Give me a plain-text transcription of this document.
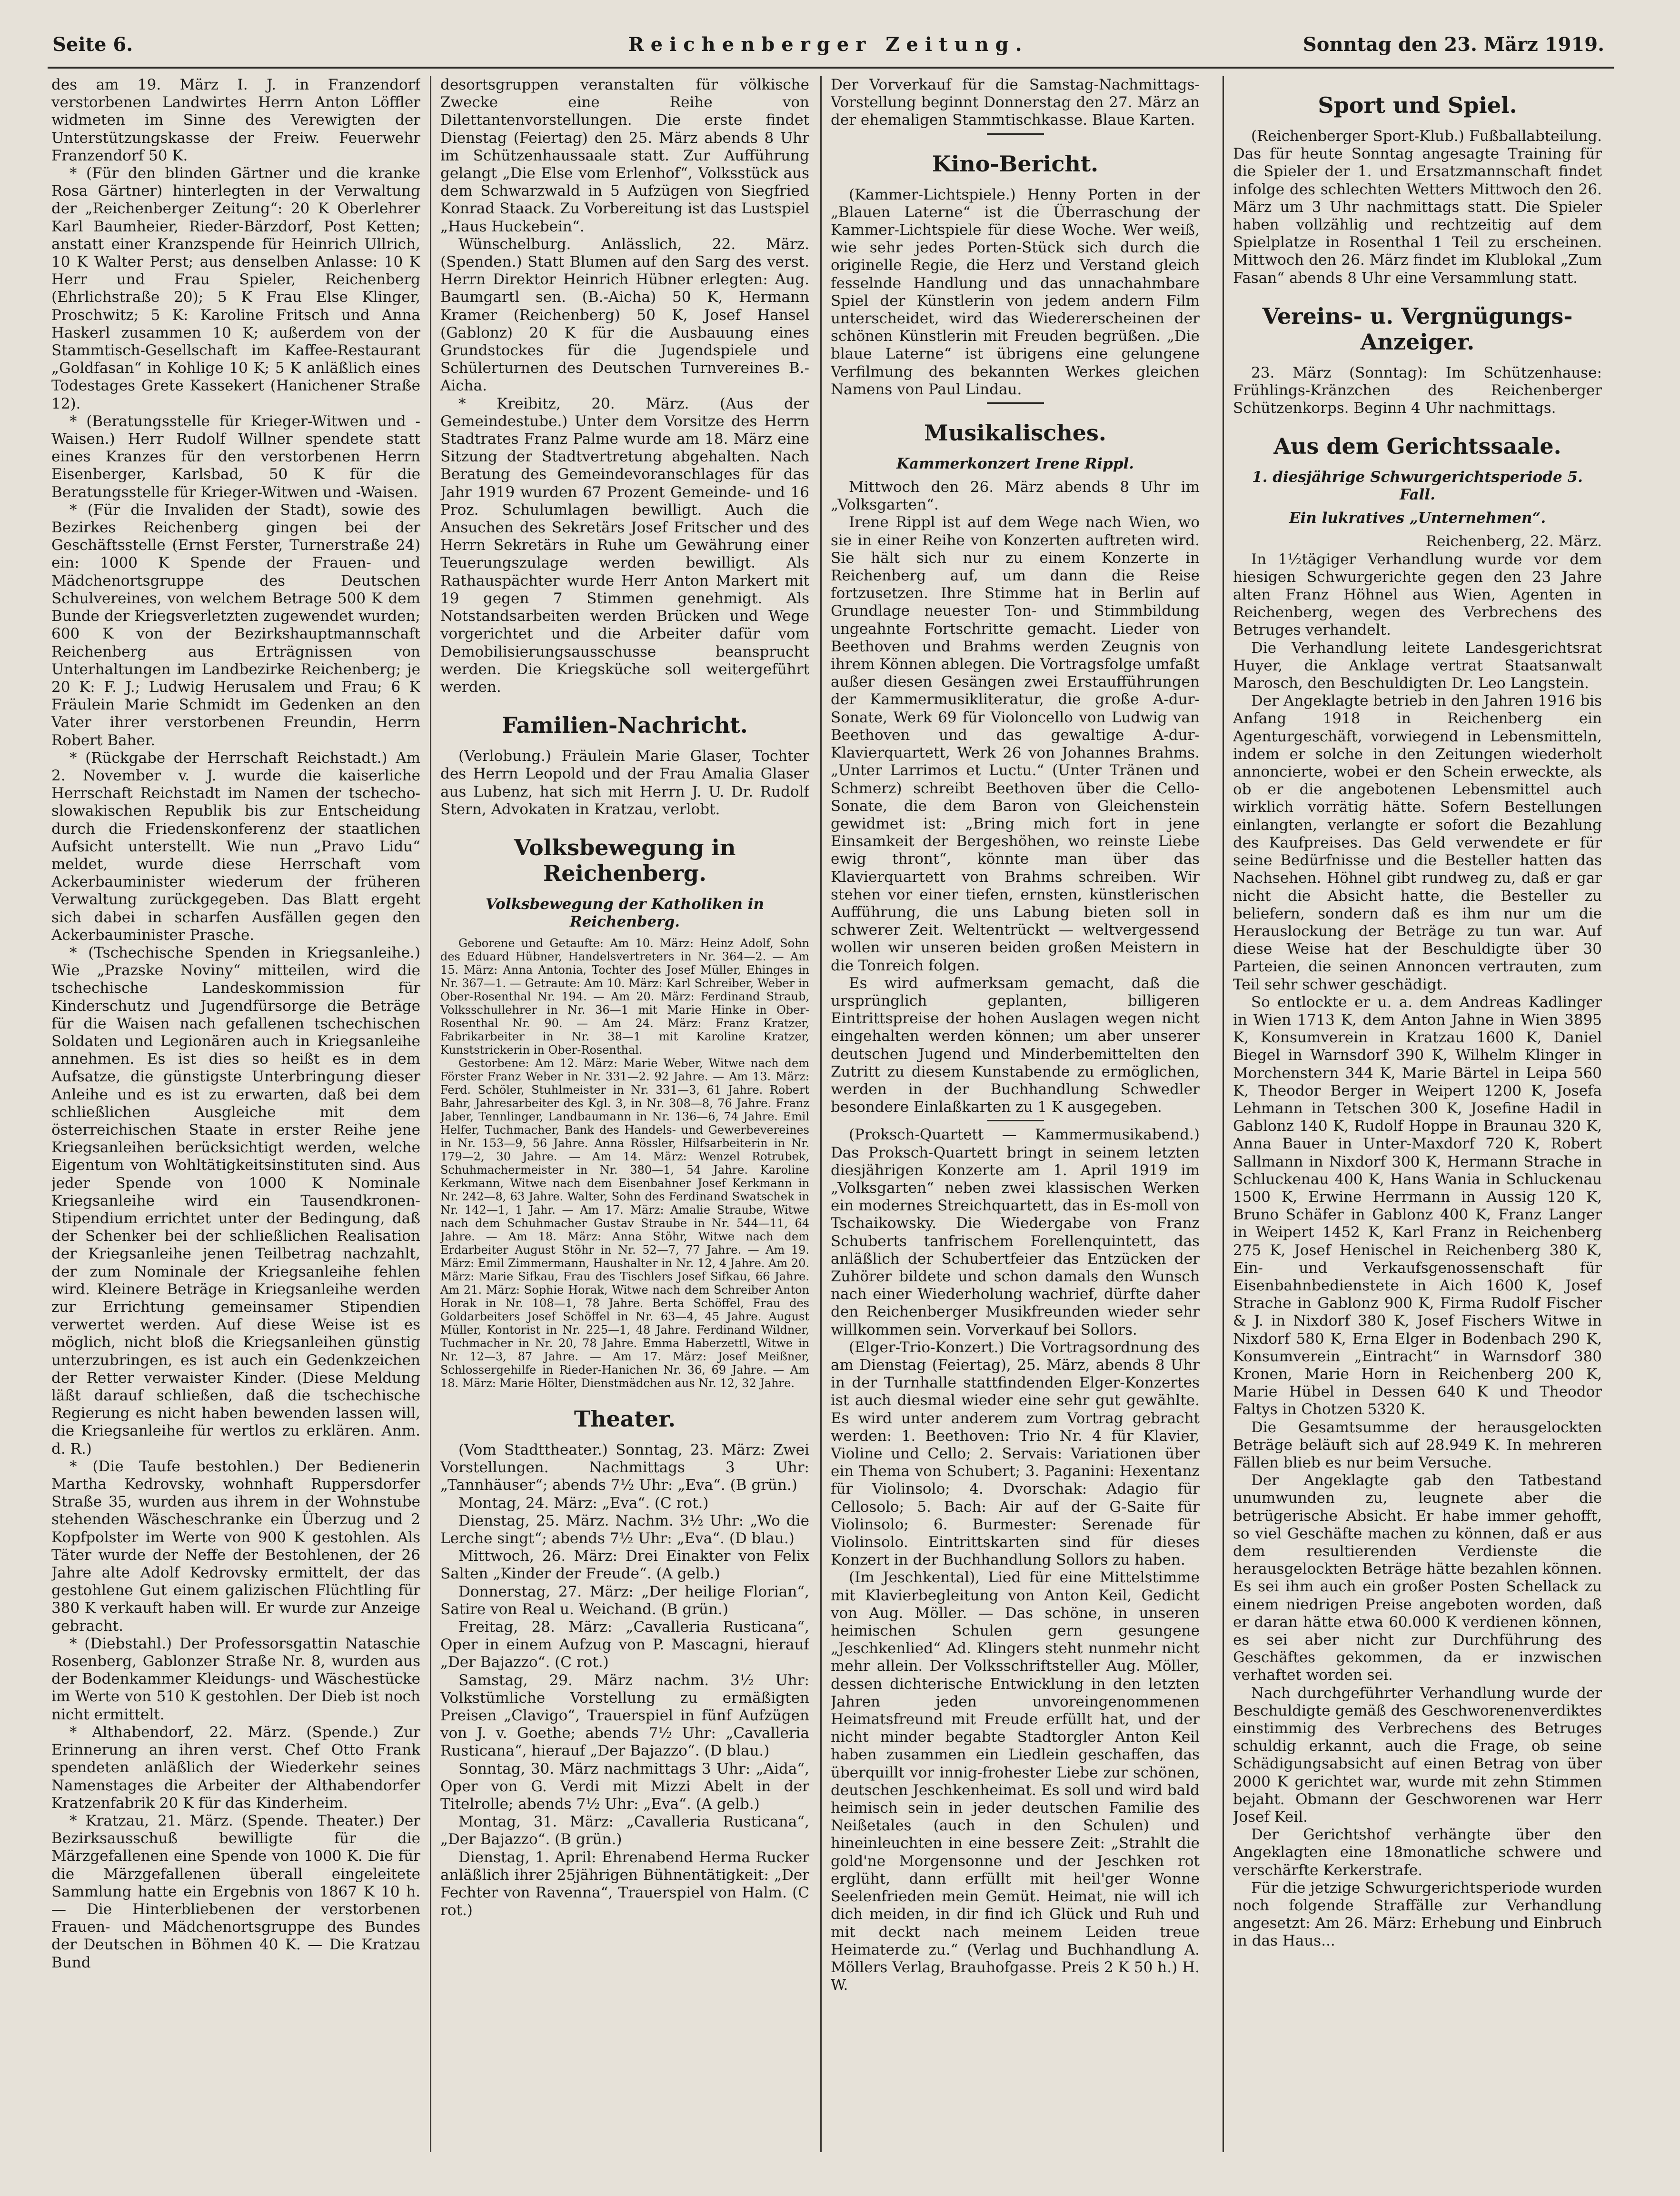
Seite 6.	Reichenberger Zeitung.	Sonntag den 23. März 1919.

des am 19. März I. J. in Franzendorf verstorbenen Landwirtes Herrn Anton Löffler widmeten im Sinne des Verewigten der Unterstützungskasse der Freiw. Feuerwehr Franzendorf 50 K.

* (Für den blinden Gärtner und die kranke Rosa Gärtner) hinterlegten in der Verwaltung der „Reichenberger Zeitung“: 20 K Oberlehrer Karl Baumheier, Rieder-Bärzdorf, Post Ketten; anstatt einer Kranzspende für Heinrich Ullrich, 10 K Walter Perst; aus denselben Anlasse: 10 K Herr und Frau Spieler, Reichenberg (Ehrlichstraße 20); 5 K Frau Else Klinger, Proschwitz; 5 K: Karoline Fritsch und Anna Haskerl zusammen 10 K; außerdem von der Stammtisch-Gesellschaft im Kaffee-Restaurant „Goldfasan“ in Kohlige 10 K; 5 K anläßlich eines Todestages Grete Kassekert (Hanichener Straße 12).

* (Beratungsstelle für Krieger-Witwen und -Waisen.) Herr Rudolf Willner spendete statt eines Kranzes für den verstorbenen Herrn Eisenberger, Karlsbad, 50 K für die Beratungsstelle für Krieger-Witwen und -Waisen.

* (Für die Invaliden der Stadt), sowie des Bezirkes Reichenberg gingen bei der Geschäftsstelle (Ernst Ferster, Turnerstraße 24) ein: 1000 K Spende der Frauen- und Mädchenortsgruppe des Deutschen Schulvereines, von welchem Betrage 500 K dem Bunde der Kriegsverletzten zugewendet wurden; 600 K von der Bezirkshauptmannschaft Reichenberg aus Erträgnissen von Unterhaltungen im Landbezirke Reichenberg; je 20 K: F. J.; Ludwig Herusalem und Frau; 6 K Fräulein Marie Schmidt im Gedenken an den Vater ihrer verstorbenen Freundin, Herrn Robert Baher.

* (Rückgabe der Herrschaft Reichstadt.) Am 2. November v. J. wurde die kaiserliche Herrschaft Reichstadt im Namen der tschecho-slowakischen Republik bis zur Entscheidung durch die Friedenskonferenz der staatlichen Aufsicht unterstellt. Wie nun „Pravo Lidu“ meldet, wurde diese Herrschaft vom Ackerbauminister wiederum der früheren Verwaltung zurückgegeben. Das Blatt ergeht sich dabei in scharfen Ausfällen gegen den Ackerbauminister Prasche.

* (Tschechische Spenden in Kriegsanleihe.) Wie „Prazske Noviny“ mitteilen, wird die tschechische Landeskommission für Kinderschutz und Jugendfürsorge die Beträge für die Waisen nach gefallenen tschechischen Soldaten und Legionären auch in Kriegsanleihe annehmen. Es ist dies so heißt es in dem Aufsatze, die günstigste Unterbringung dieser Anleihe und es ist zu erwarten, daß bei dem schließlichen Ausgleiche mit dem österreichischen Staate in erster Reihe jene Kriegsanleihen berücksichtigt werden, welche Eigentum von Wohltätigkeitsinstituten sind. Aus jeder Spende von 1000 K Nominale Kriegsanleihe wird ein Tausendkronen-Stipendium errichtet unter der Bedingung, daß der Schenker bei der schließlichen Realisation der Kriegsanleihe jenen Teilbetrag nachzahlt, der zum Nominale der Kriegsanleihe fehlen wird. Kleinere Beträge in Kriegsanleihe werden zur Errichtung gemeinsamer Stipendien verwertet werden. Auf diese Weise ist es möglich, nicht bloß die Kriegsanleihen günstig unterzubringen, es ist auch ein Gedenkzeichen der Retter verwaister Kinder. (Diese Meldung läßt darauf schließen, daß die tschechische Regierung es nicht haben bewenden lassen will, die Kriegsanleihe für wertlos zu erklären. Anm. d. R.)

* (Die Taufe bestohlen.) Der Bedienerin Martha Kedrovsky, wohnhaft Ruppersdorfer Straße 35, wurden aus ihrem in der Wohnstube stehenden Wäscheschranke ein Überzug und 2 Kopfpolster im Werte von 900 K gestohlen. Als Täter wurde der Neffe der Bestohlenen, der 26 Jahre alte Adolf Kedrovsky ermittelt, der das gestohlene Gut einem galizischen Flüchtling für 380 K verkauft haben will. Er wurde zur Anzeige gebracht.

* (Diebstahl.) Der Professorsgattin Nataschie Rosenberg, Gablonzer Straße Nr. 8, wurden aus der Bodenkammer Kleidungs- und Wäschestücke im Werte von 510 K gestohlen. Der Dieb ist noch nicht ermittelt.

* Althabendorf, 22. März. (Spende.) Zur Erinnerung an ihren verst. Chef Otto Frank spendeten anläßlich der Wiederkehr seines Namenstages die Arbeiter der Althabendorfer Kratzenfabrik 20 K für das Kinderheim.

* Kratzau, 21. März. (Spende. Theater.) Der Bezirksausschuß bewilligte für die Märzgefallenen eine Spende von 1000 K. Die für die Märzgefallenen überall eingeleitete Sammlung hatte ein Ergebnis von 1867 K 10 h. — Die Hinterbliebenen der verstorbenen Frauen- und Mädchenortsgruppe des Bundes der Deutschen in Böhmen 40 K. — Die Kratzau Bund

desortsgruppen veranstalten für völkische Zwecke eine Reihe von Dilettantenvorstellungen. Die erste findet Dienstag (Feiertag) den 25. März abends 8 Uhr im Schützenhaussaale statt. Zur Aufführung gelangt „Die Else vom Erlenhof“, Volksstück aus dem Schwarzwald in 5 Aufzügen von Siegfried Konrad Staack. Zu Vorbereitung ist das Lustspiel „Haus Huckebein“.

Wünschelburg. Anlässlich, 22. März. (Spenden.) Statt Blumen auf den Sarg des verst. Herrn Direktor Heinrich Hübner erlegten: Aug. Baumgartl sen. (B.-Aicha) 50 K, Hermann Kramer (Reichenberg) 50 K, Josef Hansel (Gablonz) 20 K für die Ausbauung eines Grundstockes für die Jugendspiele und Schülerturnen des Deutschen Turnvereines B.-Aicha.

* Kreibitz, 20. März. (Aus der Gemeindestube.) Unter dem Vorsitze des Herrn Stadtrates Franz Palme wurde am 18. März eine Sitzung der Stadtvertretung abgehalten. Nach Beratung des Gemeindevoranschlages für das Jahr 1919 wurden 67 Prozent Gemeinde- und 16 Proz. Schulumlagen bewilligt. Auch die Ansuchen des Sekretärs Josef Fritscher und des Herrn Sekretärs in Ruhe um Gewährung einer Teuerungszulage werden bewilligt. Als Rathauspächter wurde Herr Anton Markert mit 19 gegen 7 Stimmen genehmigt. Als Notstandsarbeiten werden Brücken und Wege vorgerichtet und die Arbeiter dafür vom Demobilisierungsausschusse beansprucht werden. Die Kriegsküche soll weitergeführt werden.

Familien-Nachricht.

(Verlobung.) Fräulein Marie Glaser, Tochter des Herrn Leopold und der Frau Amalia Glaser aus Lubenz, hat sich mit Herrn J. U. Dr. Rudolf Stern, Advokaten in Kratzau, verlobt.

Volksbewegung in Reichenberg.
Volksbewegung der Katholiken in Reichenberg.

Geborene und Getaufte: Am 10. März: Heinz Adolf, Sohn des Eduard Hübner, Handelsvertreters in Nr. 364—2. — Am 15. März: Anna Antonia, Tochter des Josef Müller, Ehinges in Nr. 367—1. — Getraute: Am 10. März: Karl Schreiber, Weber in Ober-Rosenthal Nr. 194. — Am 20. März: Ferdinand Straub, Volksschullehrer in Nr. 36—1 mit Marie Hinke in Ober-Rosenthal Nr. 90. — Am 24. März: Franz Kratzer, Fabrikarbeiter in Nr. 38—1 mit Karoline Kratzer, Kunststrickerin in Ober-Rosenthal.

Gestorbene: Am 12. März: Marie Weber, Witwe nach dem Förster Franz Weber in Nr. 331—2. 92 Jahre. — Am 13. März: Ferd. Schöler, Stuhlmeister in Nr. 331—3, 61 Jahre. Robert Bahr, Jahresarbeiter des Kgl. 3, in Nr. 308—8, 76 Jahre. Franz Jaber, Tennlinger, Landbaumann in Nr. 136—6, 74 Jahre. Emil Helfer, Tuchmacher, Bank des Handels- und Gewerbevereines in Nr. 153—9, 56 Jahre. Anna Rössler, Hilfsarbeiterin in Nr. 179—2, 30 Jahre. — Am 14. März: Wenzel Rotrubek, Schuhmachermeister in Nr. 380—1, 54 Jahre. Karoline Kerkmann, Witwe nach dem Eisenbahner Josef Kerkmann in Nr. 242—8, 63 Jahre. Walter, Sohn des Ferdinand Swatschek in Nr. 142—1, 1 Jahr. — Am 17. März: Amalie Straube, Witwe nach dem Schuhmacher Gustav Straube in Nr. 544—11, 64 Jahre. — Am 18. März: Anna Stöhr, Witwe nach dem Erdarbeiter August Stöhr in Nr. 52—7, 77 Jahre. — Am 19. März: Emil Zimmermann, Haushalter in Nr. 12, 4 Jahre. Am 20. März: Marie Sifkau, Frau des Tischlers Josef Sifkau, 66 Jahre. Am 21. März: Sophie Horak, Witwe nach dem Schreiber Anton Horak in Nr. 108—1, 78 Jahre. Berta Schöffel, Frau des Goldarbeiters Josef Schöffel in Nr. 63—4, 45 Jahre. August Müller, Kontorist in Nr. 225—1, 48 Jahre. Ferdinand Wildner, Tuchmacher in Nr. 20, 78 Jahre. Emma Haberzettl, Witwe in Nr. 12—3, 87 Jahre. — Am 17. März: Josef Meißner, Schlossergehilfe in Rieder-Hanichen Nr. 36, 69 Jahre. — Am 18. März: Marie Hölter, Dienstmädchen aus Nr. 12, 32 Jahre.

Theater.

(Vom Stadttheater.) Sonntag, 23. März: Zwei Vorstellungen. Nachmittags 3 Uhr: „Tannhäuser“; abends 7½ Uhr: „Eva“. (B grün.)

Montag, 24. März: „Eva“. (C rot.)

Dienstag, 25. März. Nachm. 3½ Uhr: „Wo die Lerche singt“; abends 7½ Uhr: „Eva“. (D blau.)

Mittwoch, 26. März: Drei Einakter von Felix Salten „Kinder der Freude“. (A gelb.)

Donnerstag, 27. März: „Der heilige Florian“, Satire von Real u. Weichand. (B grün.)

Freitag, 28. März: „Cavalleria Rusticana“, Oper in einem Aufzug von P. Mascagni, hierauf „Der Bajazzo“. (C rot.)

Samstag, 29. März nachm. 3½ Uhr: Volkstümliche Vorstellung zu ermäßigten Preisen „Clavigo“, Trauerspiel in fünf Aufzügen von J. v. Goethe; abends 7½ Uhr: „Cavalleria Rusticana“, hierauf „Der Bajazzo“. (D blau.)

Sonntag, 30. März nachmittags 3 Uhr: „Aida“, Oper von G. Verdi mit Mizzi Abelt in der Titelrolle; abends 7½ Uhr: „Eva“. (A gelb.)

Montag, 31. März: „Cavalleria Rusticana“, „Der Bajazzo“. (B grün.)

Dienstag, 1. April: Ehrenabend Herma Rucker anläßlich ihrer 25jährigen Bühnentätigkeit: „Der Fechter von Ravenna“, Trauerspiel von Halm. (C rot.)

Der Vorverkauf für die Samstag-Nachmittags-Vorstellung beginnt Donnerstag den 27. März an der ehemaligen Stammtischkasse. Blaue Karten.

Kino-Bericht.

(Kammer-Lichtspiele.) Henny Porten in der „Blauen Laterne“ ist die Überraschung der Kammer-Lichtspiele für diese Woche. Wer weiß, wie sehr jedes Porten-Stück sich durch die originelle Regie, die Herz und Verstand gleich fesselnde Handlung und das unnachahmbare Spiel der Künstlerin von jedem andern Film unterscheidet, wird das Wiedererscheinen der schönen Künstlerin mit Freuden begrüßen. „Die blaue Laterne“ ist übrigens eine gelungene Verfilmung des bekannten Werkes gleichen Namens von Paul Lindau.

Musikalisches.
Kammerkonzert Irene Rippl.

Mittwoch den 26. März abends 8 Uhr im „Volksgarten“.

Irene Rippl ist auf dem Wege nach Wien, wo sie in einer Reihe von Konzerten auftreten wird. Sie hält sich nur zu einem Konzerte in Reichenberg auf, um dann die Reise fortzusetzen. Ihre Stimme hat in Berlin auf Grundlage neuester Ton- und Stimmbildung ungeahnte Fortschritte gemacht. Lieder von Beethoven und Brahms werden Zeugnis von ihrem Können ablegen. Die Vortragsfolge umfaßt außer diesen Gesängen zwei Erstaufführungen der Kammermusikliteratur, die große A-dur-Sonate, Werk 69 für Violoncello von Ludwig van Beethoven und das gewaltige A-dur-Klavierquartett, Werk 26 von Johannes Brahms. „Unter Larrimos et Luctu.“ (Unter Tränen und Schmerz) schreibt Beethoven über die Cello-Sonate, die dem Baron von Gleichenstein gewidmet ist: „Bring mich fort in jene Einsamkeit der Bergeshöhen, wo reinste Liebe ewig thront“, könnte man über das Klavierquartett von Brahms schreiben. Wir stehen vor einer tiefen, ernsten, künstlerischen Aufführung, die uns Labung bieten soll in schwerer Zeit. Weltentrückt — weltvergessend wollen wir unseren beiden großen Meistern in die Tonreich folgen.

Es wird aufmerksam gemacht, daß die ursprünglich geplanten, billigeren Eintrittspreise der hohen Auslagen wegen nicht eingehalten werden können; um aber unserer deutschen Jugend und Minderbemittelten den Zutritt zu diesem Kunstabende zu ermöglichen, werden in der Buchhandlung Schwedler besondere Einlaßkarten zu 1 K ausgegeben.

(Proksch-Quartett — Kammermusikabend.) Das Proksch-Quartett bringt in seinem letzten diesjährigen Konzerte am 1. April 1919 im „Volksgarten“ neben zwei klassischen Werken ein modernes Streichquartett, das in Es-moll von Tschaikowsky. Die Wiedergabe von Franz Schuberts tanfrischem Forellenquintett, das anläßlich der Schubertfeier das Entzücken der Zuhörer bildete und schon damals den Wunsch nach einer Wiederholung wachrief, dürfte daher den Reichenberger Musikfreunden wieder sehr willkommen sein. Vorverkauf bei Sollors.

(Elger-Trio-Konzert.) Die Vortragsordnung des am Dienstag (Feiertag), 25. März, abends 8 Uhr in der Turnhalle stattfindenden Elger-Konzertes ist auch diesmal wieder eine sehr gut gewählte. Es wird unter anderem zum Vortrag gebracht werden: 1. Beethoven: Trio Nr. 4 für Klavier, Violine und Cello; 2. Servais: Variationen über ein Thema von Schubert; 3. Paganini: Hexentanz für Violinsolo; 4. Dvorschak: Adagio für Cellosolo; 5. Bach: Air auf der G-Saite für Violinsolo; 6. Burmester: Serenade für Violinsolo. Eintrittskarten sind für dieses Konzert in der Buchhandlung Sollors zu haben.

(Im Jeschkental), Lied für eine Mittelstimme mit Klavierbegleitung von Anton Keil, Gedicht von Aug. Möller. — Das schöne, in unseren heimischen Schulen gern gesungene „Jeschkenlied“ Ad. Klingers steht nunmehr nicht mehr allein. Der Volksschriftsteller Aug. Möller, dessen dichterische Entwicklung in den letzten Jahren jeden unvoreingenommenen Heimatsfreund mit Freude erfüllt hat, und der nicht minder begabte Stadtorgler Anton Keil haben zusammen ein Liedlein geschaffen, das überquillt vor innig-frohester Liebe zur schönen, deutschen Jeschkenheimat. Es soll und wird bald heimisch sein in jeder deutschen Familie des Neißetales (auch in den Schulen) und hineinleuchten in eine bessere Zeit: „Strahlt die gold'ne Morgensonne und der Jeschken rot erglüht, dann erfüllt mit heil'ger Wonne Seelenfrieden mein Gemüt. Heimat, nie will ich dich meiden, in dir find ich Glück und Ruh und mit deckt nach meinem Leiden treue Heimaterde zu.“ (Verlag und Buchhandlung A. Möllers Verlag, Brauhofgasse. Preis 2 K 50 h.) H. W.

Sport und Spiel.

(Reichenberger Sport-Klub.) Fußballabteilung. Das für heute Sonntag angesagte Training für die Spieler der 1. und Ersatzmannschaft findet infolge des schlechten Wetters Mittwoch den 26. März um 3 Uhr nachmittags statt. Die Spieler haben vollzählig und rechtzeitig auf dem Spielplatze in Rosenthal 1 Teil zu erscheinen. Mittwoch den 26. März findet im Klublokal „Zum Fasan“ abends 8 Uhr eine Versammlung statt.

Vereins- u. Vergnügungs-Anzeiger.

23. März (Sonntag): Im Schützenhause: Frühlings-Kränzchen des Reichenberger Schützenkorps. Beginn 4 Uhr nachmittags.

Aus dem Gerichtssaale.
1. diesjährige Schwurgerichtsperiode 5. Fall.
Ein lukratives „Unternehmen“.

Reichenberg, 22. März.

In 1½tägiger Verhandlung wurde vor dem hiesigen Schwurgerichte gegen den 23 Jahre alten Franz Höhnel aus Wien, Agenten in Reichenberg, wegen des Verbrechens des Betruges verhandelt.

Die Verhandlung leitete Landesgerichtsrat Huyer, die Anklage vertrat Staatsanwalt Marosch, den Beschuldigten Dr. Leo Langstein.

Der Angeklagte betrieb in den Jahren 1916 bis Anfang 1918 in Reichenberg ein Agenturgeschäft, vorwiegend in Lebensmitteln, indem er solche in den Zeitungen wiederholt annoncierte, wobei er den Schein erweckte, als ob er die angebotenen Lebensmittel auch wirklich vorrätig hätte. Sofern Bestellungen einlangten, verlangte er sofort die Bezahlung des Kaufpreises. Das Geld verwendete er für seine Bedürfnisse und die Besteller hatten das Nachsehen. Höhnel gibt rundweg zu, daß er gar nicht die Absicht hatte, die Besteller zu beliefern, sondern daß es ihm nur um die Herauslockung der Beträge zu tun war. Auf diese Weise hat der Beschuldigte über 30 Parteien, die seinen Annoncen vertrauten, zum Teil sehr schwer geschädigt.

So entlockte er u. a. dem Andreas Kadlinger in Wien 1713 K, dem Anton Jahne in Wien 3895 K, Konsumverein in Kratzau 1600 K, Daniel Biegel in Warnsdorf 390 K, Wilhelm Klinger in Morchenstern 344 K, Marie Bärtel in Leipa 560 K, Theodor Berger in Weipert 1200 K, Josefa Lehmann in Tetschen 300 K, Josefine Hadil in Gablonz 140 K, Rudolf Hoppe in Braunau 320 K, Anna Bauer in Unter-Maxdorf 720 K, Robert Sallmann in Nixdorf 300 K, Hermann Strache in Schluckenau 400 K, Hans Wania in Schluckenau 1500 K, Erwine Herrmann in Aussig 120 K, Bruno Schäfer in Gablonz 400 K, Franz Langer in Weipert 1452 K, Karl Franz in Reichenberg 275 K, Josef Henischel in Reichenberg 380 K, Ein- und Verkaufsgenossenschaft für Eisenbahnbedienstete in Aich 1600 K, Josef Strache in Gablonz 900 K, Firma Rudolf Fischer & J. in Nixdorf 380 K, Josef Fischers Witwe in Nixdorf 580 K, Erna Elger in Bodenbach 290 K, Konsumverein „Eintracht“ in Warnsdorf 380 Kronen, Marie Horn in Reichenberg 200 K, Marie Hübel in Dessen 640 K und Theodor Faltys in Chotzen 5320 K.

Die Gesamtsumme der herausgelockten Beträge beläuft sich auf 28.949 K. In mehreren Fällen blieb es nur beim Versuche.

Der Angeklagte gab den Tatbestand unumwunden zu, leugnete aber die betrügerische Absicht. Er habe immer gehofft, so viel Geschäfte machen zu können, daß er aus dem resultierenden Verdienste die herausgelockten Beträge hätte bezahlen können. Es sei ihm auch ein großer Posten Schellack zu einem niedrigen Preise angeboten worden, daß er daran hätte etwa 60.000 K verdienen können, es sei aber nicht zur Durchführung des Geschäftes gekommen, da er inzwischen verhaftet worden sei.

Nach durchgeführter Verhandlung wurde der Beschuldigte gemäß des Geschworenenverdiktes einstimmig des Verbrechens des Betruges schuldig erkannt, auch die Frage, ob seine Schädigungsabsicht auf einen Betrag von über 2000 K gerichtet war, wurde mit zehn Stimmen bejaht. Obmann der Geschworenen war Herr Josef Keil.

Der Gerichtshof verhängte über den Angeklagten eine 18monatliche schwere und verschärfte Kerkerstrafe.

Für die jetzige Schwurgerichtsperiode wurden noch folgende Straffälle zur Verhandlung angesetzt: Am 26. März: Erhebung und Einbruch in das Haus...
